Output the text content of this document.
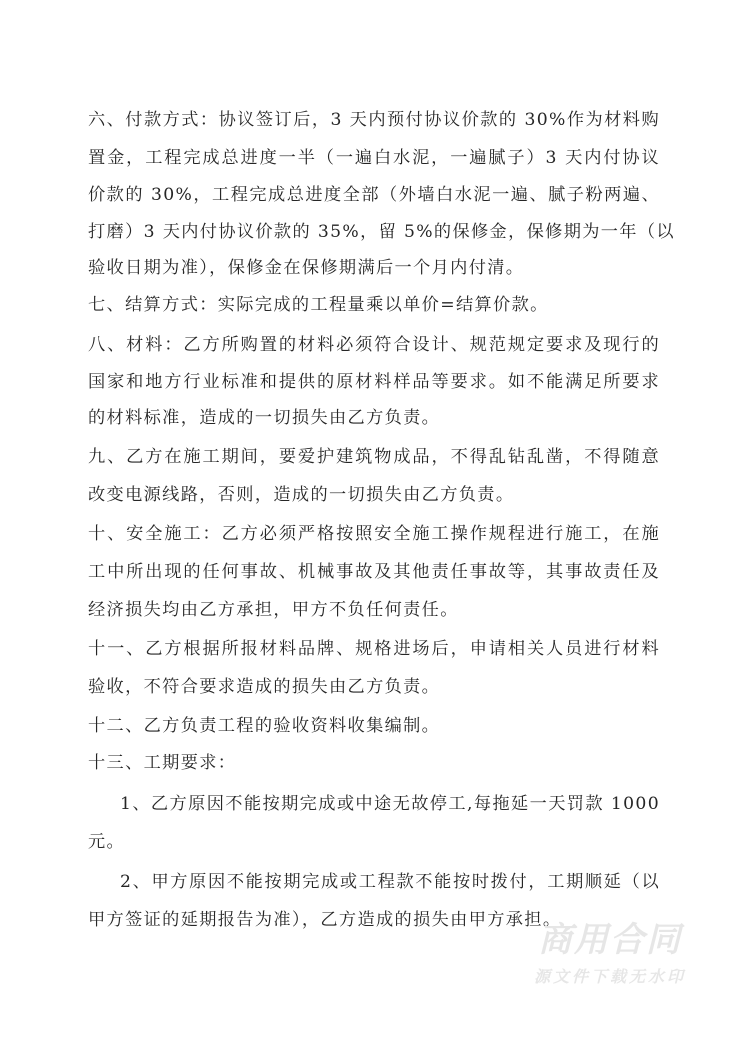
六、付款方式：协议签订后，3 天内预付协议价款的 30%作为材料购
置金，工程完成总进度一半（一遍白水泥，一遍腻子）3 天内付协议
价款的 30%，工程完成总进度全部（外墙白水泥一遍、腻子粉两遍、
打磨）3 天内付协议价款的 35%，留 5%的保修金，保修期为一年（以
验收日期为准），保修金在保修期满后一个月内付清。
七、结算方式：实际完成的工程量乘以单价=结算价款。
八、材料：乙方所购置的材料必须符合设计、规范规定要求及现行的
国家和地方行业标准和提供的原材料样品等要求。如不能满足所要求
的材料标准，造成的一切损失由乙方负责。
九、乙方在施工期间，要爱护建筑物成品，不得乱钻乱凿，不得随意
改变电源线路，否则，造成的一切损失由乙方负责。
十、安全施工：乙方必须严格按照安全施工操作规程进行施工，在施
工中所出现的任何事故、机械事故及其他责任事故等，其事故责任及
经济损失均由乙方承担，甲方不负任何责任。
十一、乙方根据所报材料品牌、规格进场后，申请相关人员进行材料
验收，不符合要求造成的损失由乙方负责。
十二、乙方负责工程的验收资料收集编制。
十三、工期要求：
1、乙方原因不能按期完成或中途无故停工,每拖延一天罚款 1000
元。
2、甲方原因不能按期完成或工程款不能按时拨付，工期顺延（以
甲方签证的延期报告为准），乙方造成的损失由甲方承担。
商用合同
源文件下载无水印
